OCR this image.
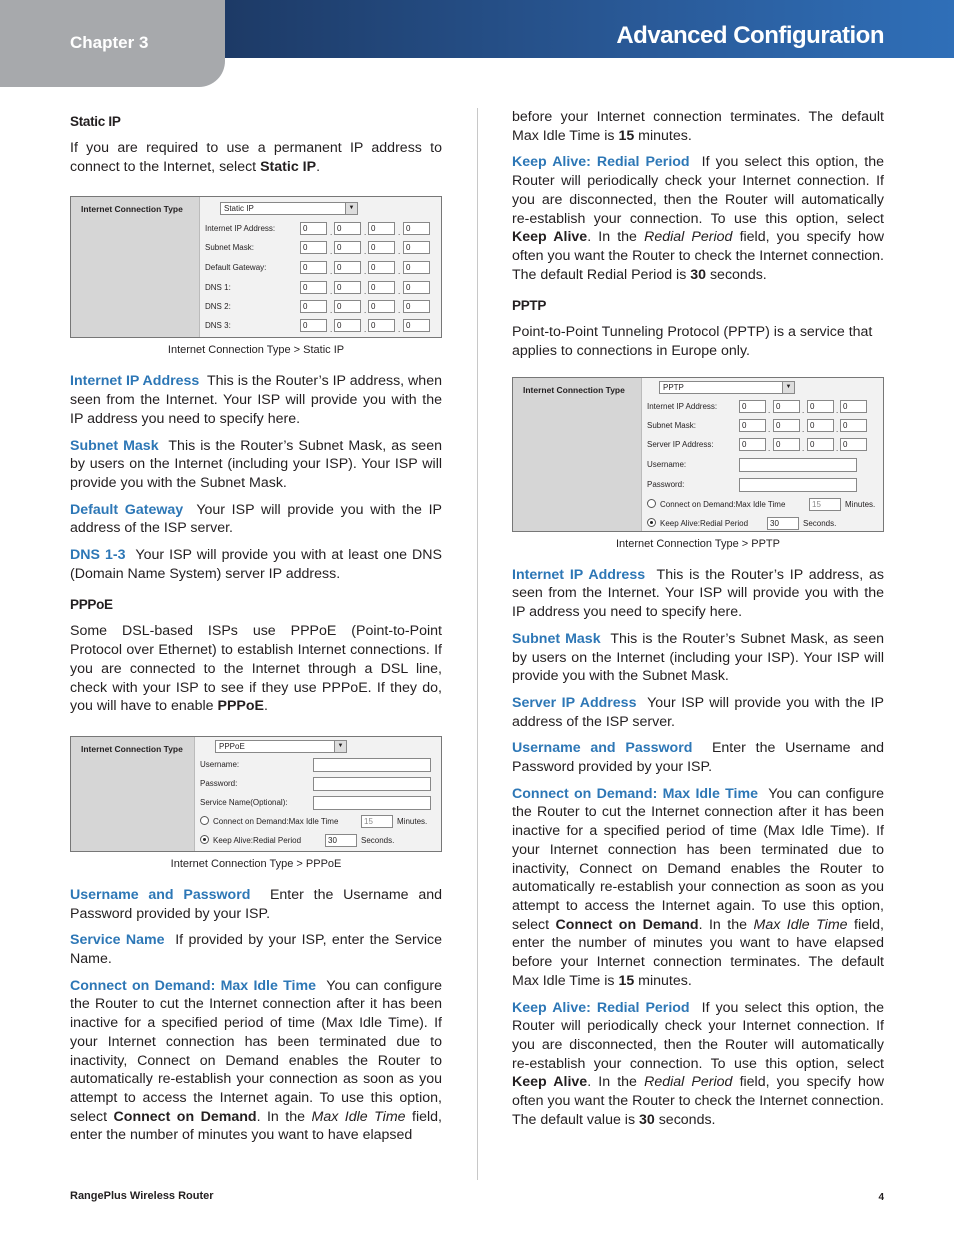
Chapter 3	Advanced Configuration
Static IP

If you are required to use a permanent IP address to connect to the Internet, select Static IP.

Internet Connection Type	Static IP	▼
Internet IP Address:	0	. 0	. 0	. 0
Subnet Mask:	0	. 0	. 0	. 0
Default Gateway:	0	. 0	. 0	. 0
DNS 1:	0	. 0	. 0	. 0
DNS 2:	0	. 0	. 0	. 0
DNS 3:	0	. 0	. 0	. 0
Internet Connection Type > Static IP

Internet IP Address This is the Router’s IP address, when seen from the Internet. Your ISP will provide you with the IP address you need to specify here.

Subnet Mask This is the Router’s Subnet Mask, as seen by users on the Internet (including your ISP). Your ISP will provide you with the Subnet Mask.

Default Gateway Your ISP will provide you with the IP address of the ISP server.

DNS 1-3 Your ISP will provide you with at least one DNS (Domain Name System) server IP address.

PPPoE

Some DSL-based ISPs use PPPoE (Point-to-Point Protocol over Ethernet) to establish Internet connections. If you are connected to the Internet through a DSL line, check with your ISP to see if they use PPPoE. If they do, you will have to enable PPPoE.

Internet Connection Type	PPPoE	▼
Username:
Password:
Service Name(Optional):
Connect on Demand:Max Idle Time	15	Minutes.
Keep Alive:Redial Period	30	Seconds.
Internet Connection Type > PPPoE

Username and Password Enter the Username and Password provided by your ISP.

Service Name If provided by your ISP, enter the Service Name.

Connect on Demand: Max Idle Time You can configure the Router to cut the Internet connection after it has been inactive for a specified period of time (Max Idle Time). If your Internet connection has been terminated due to inactivity, Connect on Demand enables the Router to automatically re-establish your connection as soon as you attempt to access the Internet again. To use this option, select Connect on Demand. In the Max Idle Time field, enter the number of minutes you want to have elapsed

before your Internet connection terminates. The default Max Idle Time is 15 minutes.

Keep Alive: Redial Period If you select this option, the Router will periodically check your Internet connection. If you are disconnected, then the Router will automatically re-establish your connection. To use this option, select Keep Alive. In the Redial Period field, you specify how often you want the Router to check the Internet connection. The default Redial Period is 30 seconds.

PPTP

Point-to-Point Tunneling Protocol (PPTP) is a service that applies to connections in Europe only.

Internet Connection Type	PPTP	▼
Internet IP Address:	0	. 0	. 0	. 0
Subnet Mask:	0	. 0	. 0	. 0
Server IP Address:	0	. 0	. 0	. 0
Username:
Password:
Connect on Demand:Max Idle Time	15	Minutes.
Keep Alive:Redial Period	30	Seconds.
Internet Connection Type > PPTP

Internet IP Address This is the Router’s IP address, as seen from the Internet. Your ISP will provide you with the IP address you need to specify here.

Subnet Mask This is the Router’s Subnet Mask, as seen by users on the Internet (including your ISP). Your ISP will provide you with the Subnet Mask.

Server IP Address Your ISP will provide you with the IP address of the ISP server.

Username and Password Enter the Username and Password provided by your ISP.

Connect on Demand: Max Idle Time You can configure the Router to cut the Internet connection after it has been inactive for a specified period of time (Max Idle Time). If your Internet connection has been terminated due to inactivity, Connect on Demand enables the Router to automatically re-establish your connection as soon as you attempt to access the Internet again. To use this option, select Connect on Demand. In the Max Idle Time field, enter the number of minutes you want to have elapsed before your Internet connection terminates. The default Max Idle Time is 15 minutes.

Keep Alive: Redial Period If you select this option, the Router will periodically check your Internet connection. If you are disconnected, then the Router will automatically re-establish your connection. To use this option, select Keep Alive. In the Redial Period field, you specify how often you want the Router to check the Internet connection. The default value is 30 seconds.

RangePlus Wireless Router	4
